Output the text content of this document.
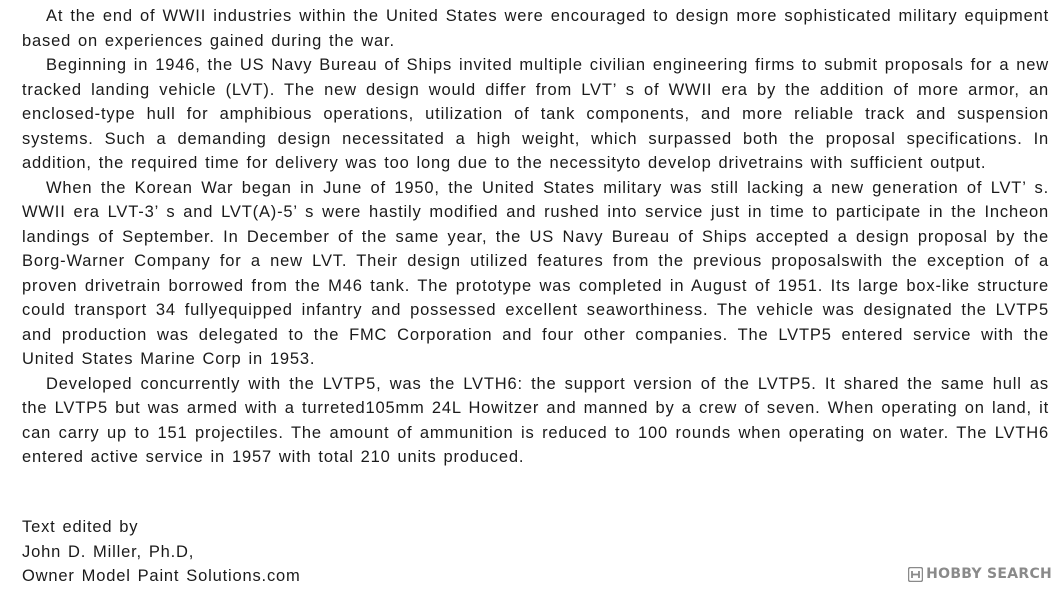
At the end of WWII industries within the United States were encouraged to design more sophisticated military equipment based on experiences gained during the war.

Beginning in 1946, the US Navy Bureau of Ships invited multiple civilian engineering firms to submit proposals for a new tracked landing vehicle (LVT). The new design would differ from LVT’ s of WWII era by the addition of more armor, an enclosed-type hull for amphibious operations, utilization of tank components, and more reliable track and suspension systems. Such a demanding design necessitated a high weight, which surpassed both the proposal specifications. In addition, the required time for delivery was too long due to the necessityto develop drivetrains with sufficient output.

When the Korean War began in June of 1950, the United States military was still lacking a new generation of LVT’ s. WWII era LVT-3’ s and LVT(A)-5’ s were hastily modified and rushed into service just in time to participate in the Incheon landings of September. In December of the same year, the US Navy Bureau of Ships accepted a design proposal by the Borg-Warner Company for a new LVT. Their design utilized features from the previous proposalswith the exception of a proven drivetrain borrowed from the M46 tank. The prototype was completed in August of 1951. Its large box-like structure could transport 34 fullyequipped infantry and possessed excellent seaworthiness. The vehicle was designated the LVTP5 and production was delegated to the FMC Corporation and four other companies. The LVTP5 entered service with the United States Marine Corp in 1953.

Developed concurrently with the LVTP5, was the LVTH6: the support version of the LVTP5. It shared the same hull as the LVTP5 but was armed with a turreted105mm 24L Howitzer and manned by a crew of seven. When operating on land, it can carry up to 151 projectiles. The amount of ammunition is reduced to 100 rounds when operating on water. The LVTH6 entered active service in 1957 with total 210 units produced.

Text edited by
John D. Miller, Ph.D,
Owner Model Paint Solutions.com	HOBBY SEARCH
